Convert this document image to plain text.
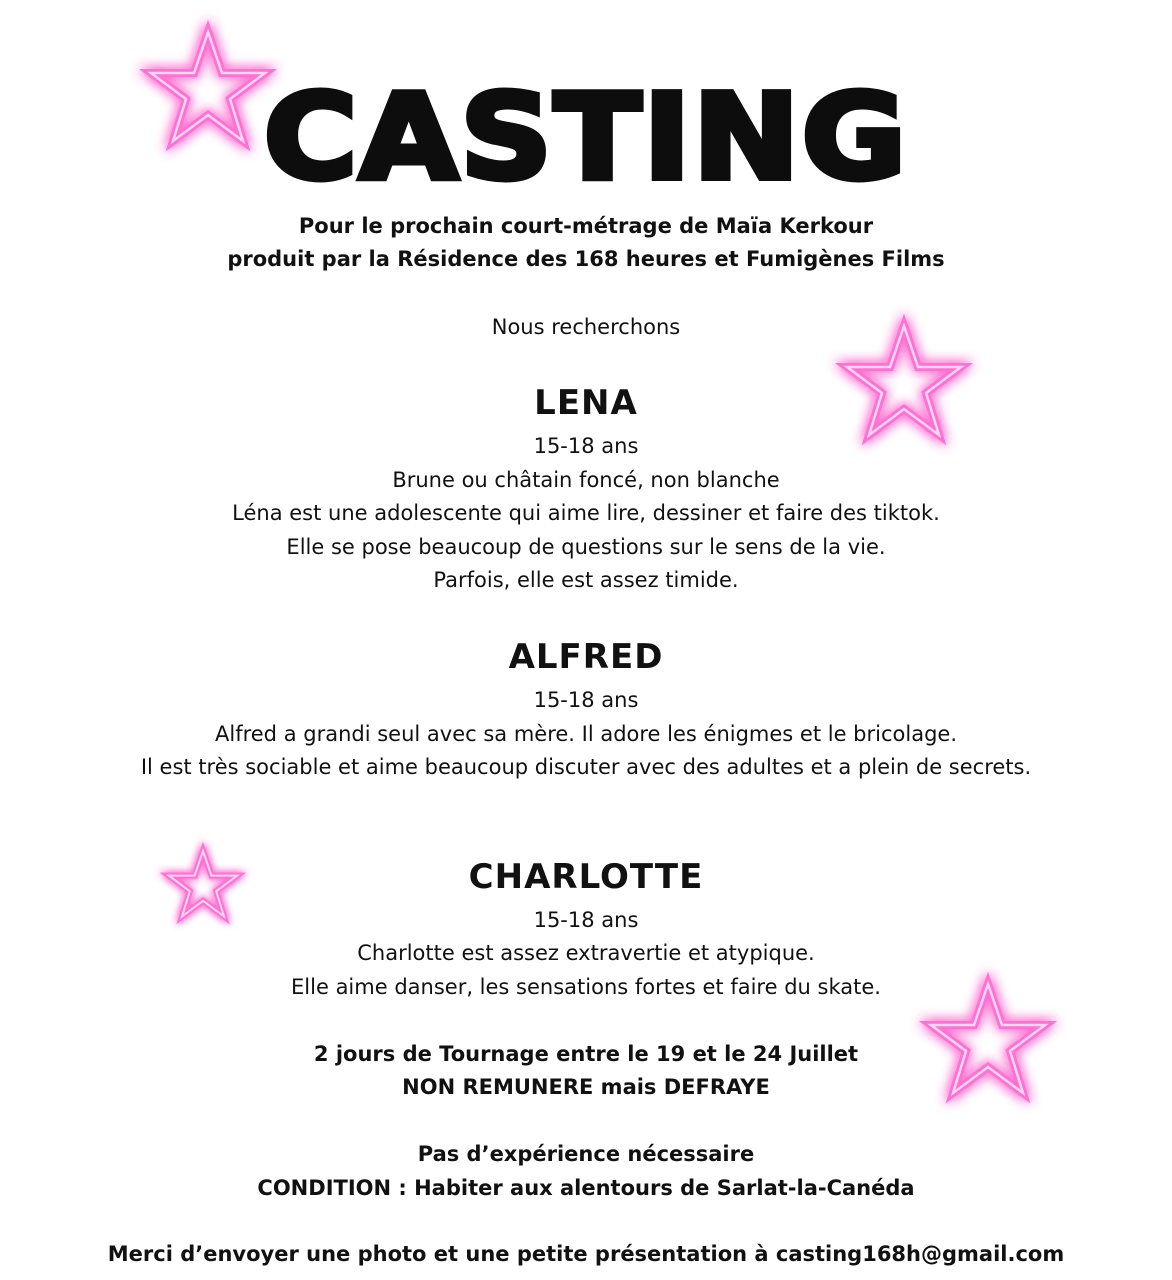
CASTING
Pour le prochain court-métrage de Maïa Kerkour
produit par la Résidence des 168 heures et Fumigènes Films
Nous recherchons
LENA
15-18 ans
Brune ou châtain foncé, non blanche
Léna est une adolescente qui aime lire, dessiner et faire des tiktok.
Elle se pose beaucoup de questions sur le sens de la vie.
Parfois, elle est assez timide.
ALFRED
15-18 ans
Alfred a grandi seul avec sa mère. Il adore les énigmes et le bricolage.
Il est très sociable et aime beaucoup discuter avec des adultes et a plein de secrets.
CHARLOTTE
15-18 ans
Charlotte est assez extravertie et atypique.
Elle aime danser, les sensations fortes et faire du skate.
2 jours de Tournage entre le 19 et le 24 Juillet
NON REMUNERE mais DEFRAYE
Pas d’expérience nécessaire
CONDITION : Habiter aux alentours de Sarlat-la-Canéda
Merci d’envoyer une photo et une petite présentation à casting168h@gmail.com
